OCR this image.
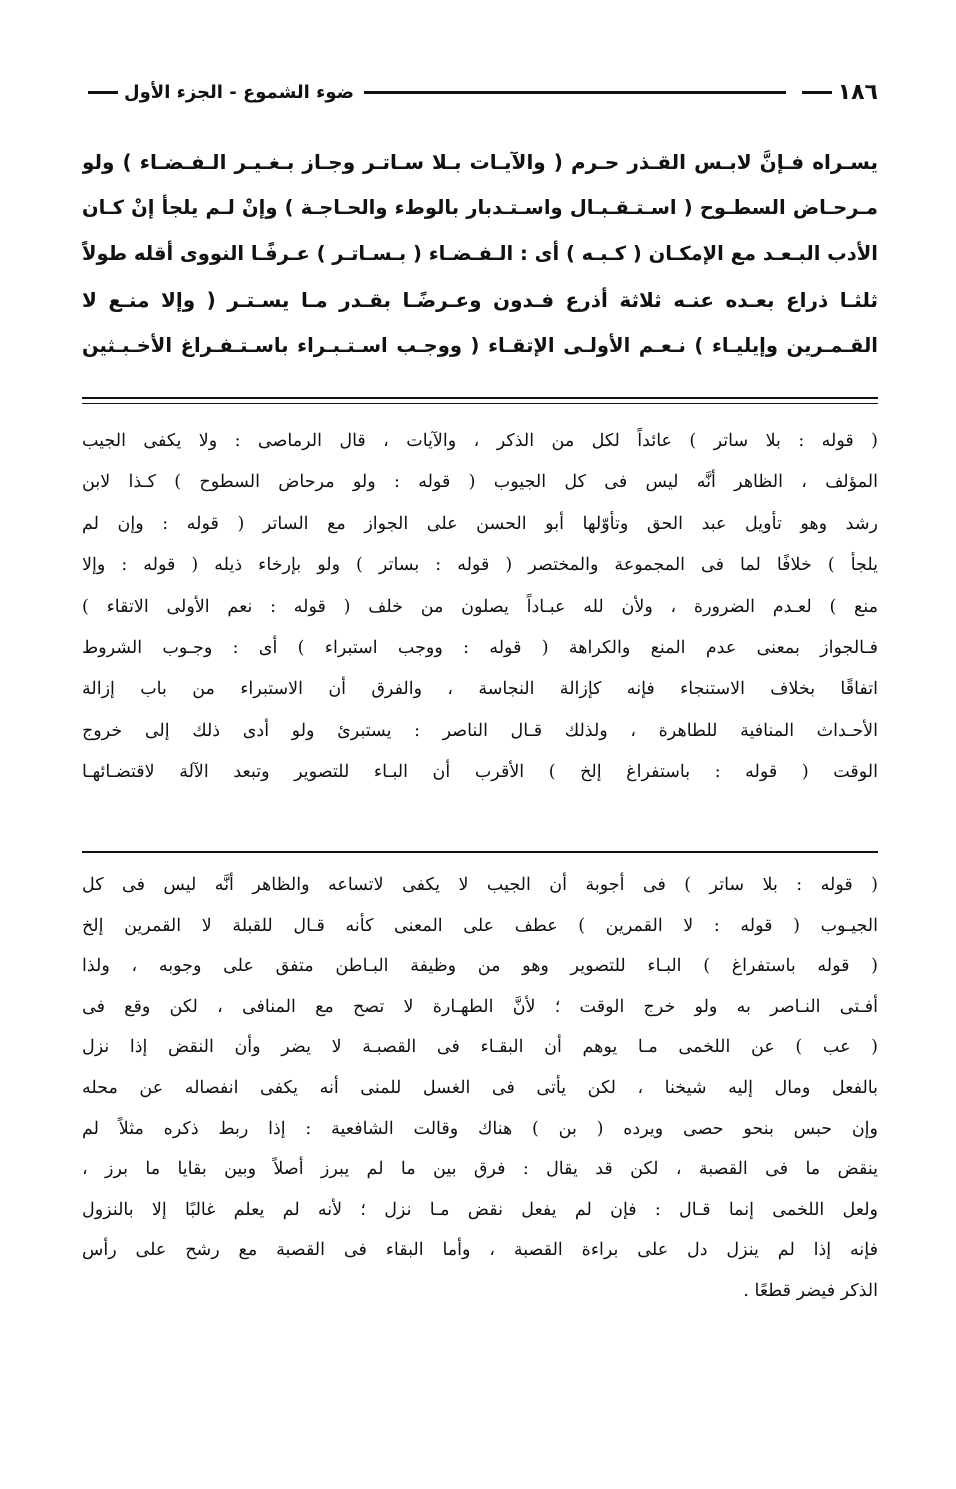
١٨٦
ضوء الشموع - الجزء الأول
يسـراه فـإنَّ لابـس القـذر حـرم ( والآيـات بـلا سـاتـر وجـاز بـغـيـر الـفـضـاء ) ولو
مـرحـاض السطـوح ( اسـتـقـبـال واسـتـدبار بالوطء والحـاجـة ) وإنْ لـم يلجأ إنْ كـان
الأدب البـعـد مع الإمكـان ( كـبـه ) أى : الـفـضـاء ( بـسـاتـر ) عـرفًـا النووى أقله طولاً
ثلثـا ذراع بعـده عنـه ثلاثة أذرع فـدون وعـرضًـا بقـدر مـا يسـتـر ( وإلا منـع لا
القـمـرين وإيليـاء ) نـعـم الأولـى الإتقـاء ( ووجـب اسـتـبـراء باسـتـفـراغ الأخـبـثين
( قوله : بلا ساتر ) عائداً لكل من الذكر ، والآيات ، قال الرماصى : ولا يكفى الجيب
المؤلف ، الظاهر أنَّه ليس فى كل الجيوب ( قوله : ولو مرحاض السطوح ) كـذا لابن
رشد وهو تأويل عبد الحق وتأوّلها أبو الحسن على الجواز مع الساتر ( قوله : وإن لم
يلجأ ) خلافًا لما فى المجموعة والمختصر ( قوله : بساتر ) ولو بإرخاء ذيله ( قوله : وإلا
منع ) لعـدم الضرورة ، ولأن لله عبـاداً يصلون من خلف ( قوله : نعم الأولى الاتقاء )
فـالجواز بمعنى عدم المنع والكراهة ( قوله : ووجب استبراء ) أى : وجـوب الشروط
اتفاقًا بخلاف الاستنجاء فإنه كإزالة النجاسة ، والفرق أن الاستبراء من باب إزالة
الأحـداث المنافية للطاهرة ، ولذلك قـال الناصر : يستبرئ ولو أدى ذلك إلى خروج
الوقت ( قوله : باستفراغ إلخ ) الأقرب أن البـاء للتصوير وتبعد الآلة لاقتضـائهـا
( قوله : بلا ساتر ) فى أجوبة أن الجيب لا يكفى لاتساعه والظاهر أنَّه ليس فى كل
الجيـوب ( قوله : لا القمرين ) عطف على المعنى كأنه قـال للقبلة لا القمرين إلخ
( قوله باستفراغ ) البـاء للتصوير وهو من وظيفة البـاطن متفق على وجوبه ، ولذا
أفـتى النـاصر به ولو خرج الوقت ؛ لأنَّ الطهـارة لا تصح مع المنافى ، لكن وقع فى
( عب ) عن اللخمى مـا يوهم أن البقـاء فى القصبـة لا يضر وأن النقض إذا نزل
بالفعل ومال إليه شيخنا ، لكن يأتى فى الغسل للمنى أنه يكفى انفصاله عن محله
وإن حبس بنحو حصى ويرده ( بن ) هناك وقالت الشافعية : إذا ربط ذكره مثلاً لم
ينقض ما فى القصبة ، لكن قد يقال : فرق بين ما لم يبرز أصلاً وبين بقايا ما برز ،
ولعل اللخمى إنما قـال : فإن لم يفعل نقض مـا نزل ؛ لأنه لم يعلم غالبًا إلا بالنزول
فإنه إذا لم ينزل دل على براءة القصبة ، وأما البقاء فى القصبة مع رشح على رأس
الذكر فيضر قطعًا .
